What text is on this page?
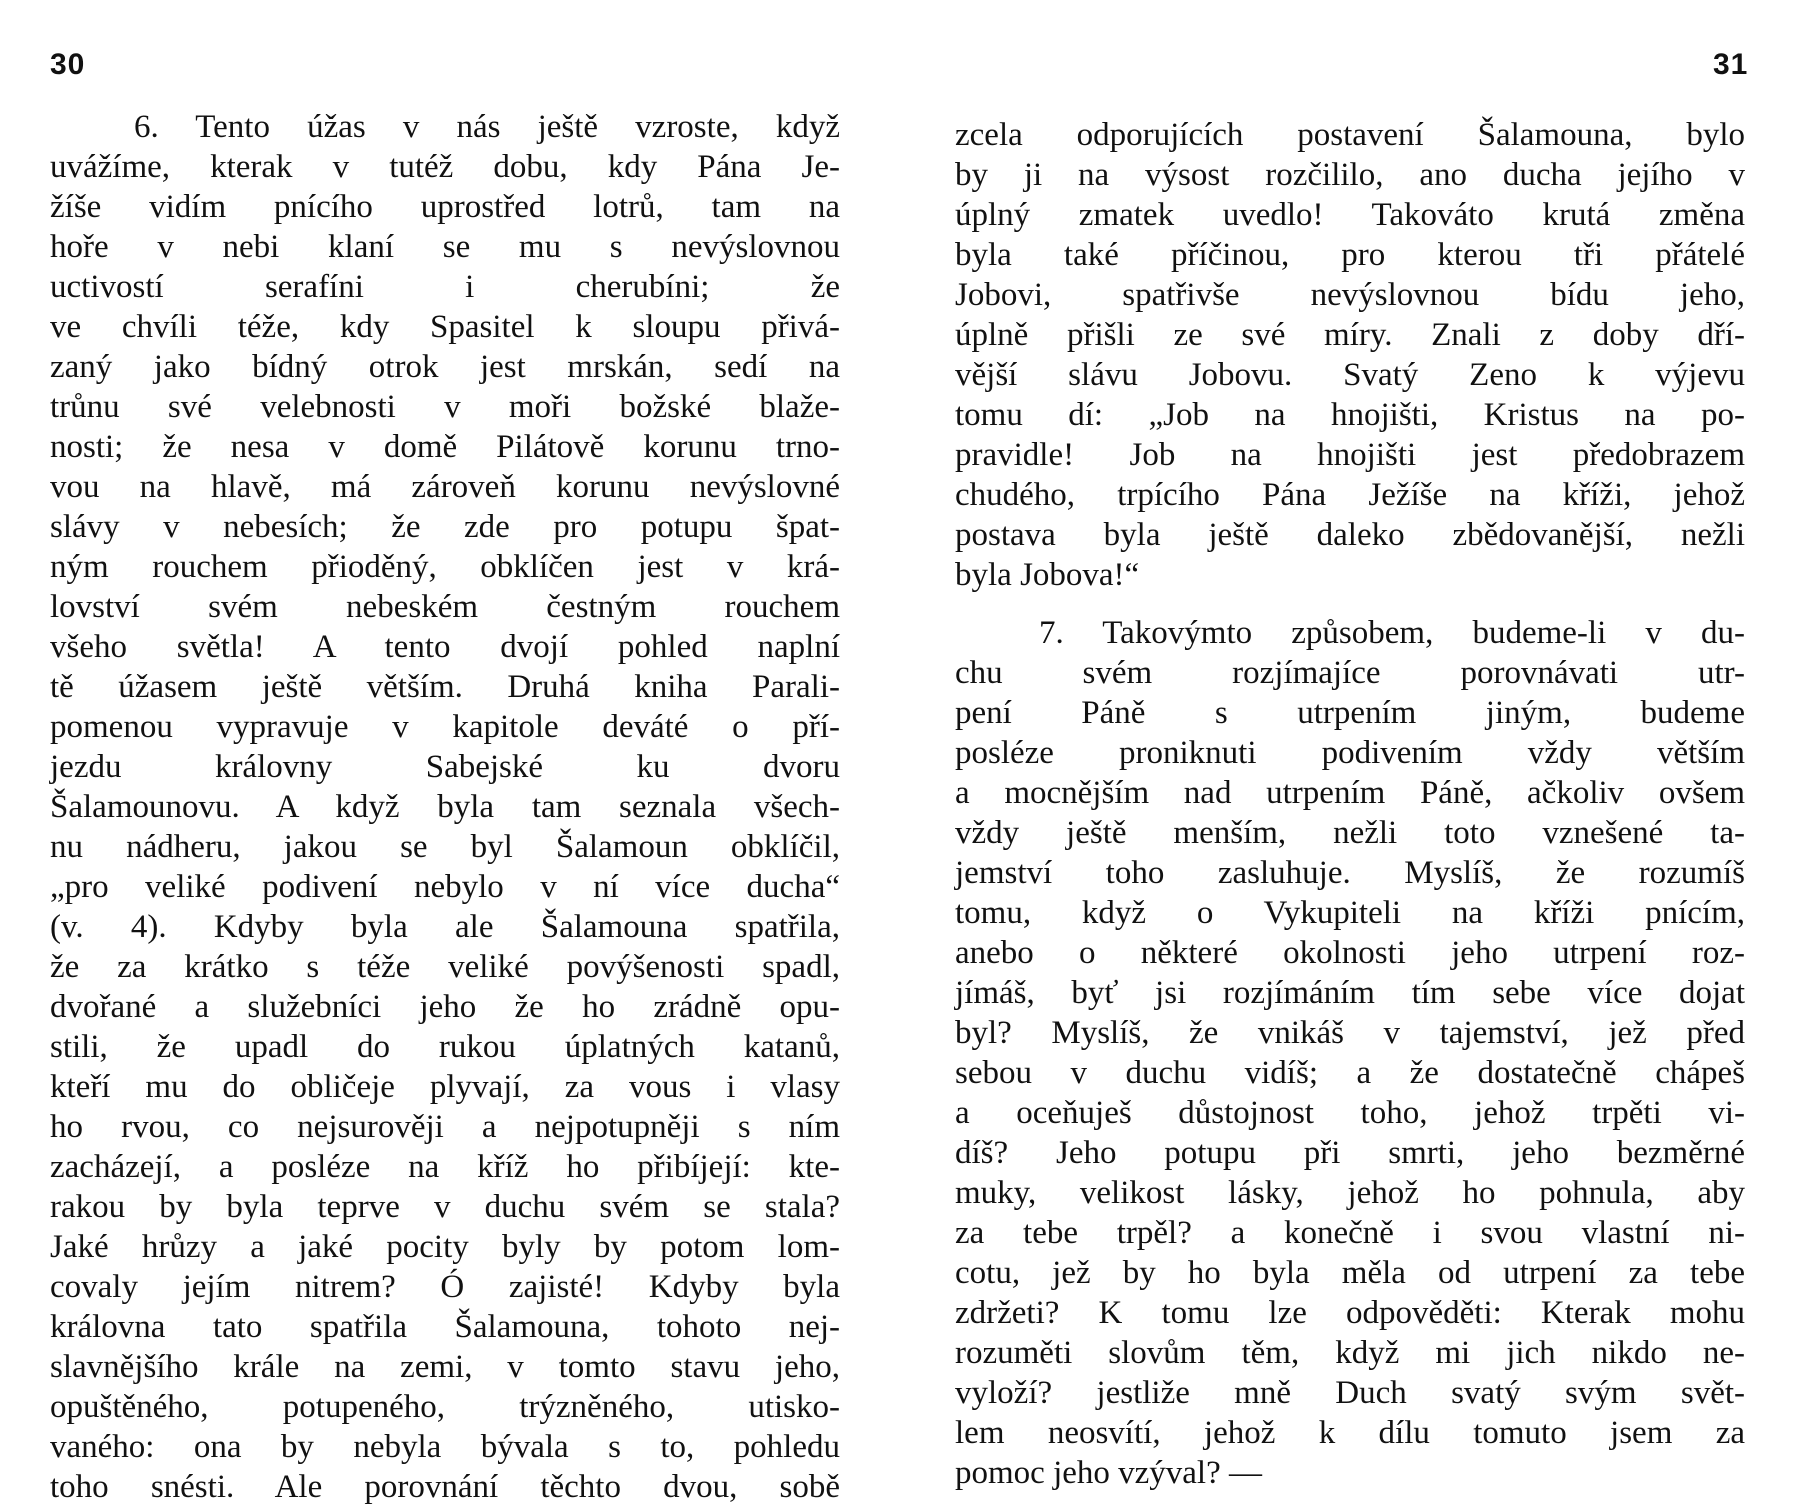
30
6. Tento úžas v nás ještě vzroste, když
uvážíme, kterak v tutéž dobu, kdy Pána Je-
žíše vidím pnícího uprostřed lotrů, tam na
hoře v nebi klaní se mu s nevýslovnou
uctivostí serafíni i cherubíni; že
ve chvíli téže, kdy Spasitel k sloupu přivá-
zaný jako bídný otrok jest mrskán, sedí na
trůnu své velebnosti v moři božské blaže-
nosti; že nesa v domě Pilátově korunu trno-
vou na hlavě, má zároveň korunu nevýslovné
slávy v nebesích; že zde pro potupu špat-
ným rouchem přioděný, obklíčen jest v krá-
lovství svém nebeském čestným rouchem
všeho světla! A tento dvojí pohled naplní
tě úžasem ještě větším. Druhá kniha Parali-
pomenou vypravuje v kapitole deváté o pří-
jezdu královny Sabejské ku dvoru
Šalamounovu. A když byla tam seznala všech-
nu nádheru, jakou se byl Šalamoun obklíčil,
„pro veliké podivení nebylo v ní více ducha“
(v. 4). Kdyby byla ale Šalamouna spatřila,
že za krátko s téže veliké povýšenosti spadl,
dvořané a služebníci jeho že ho zrádně opu-
stili, že upadl do rukou úplatných katanů,
kteří mu do obličeje plyvají, za vous i vlasy
ho rvou, co nejsurověji a nejpotupněji s ním
zacházejí, a posléze na kříž ho přibíjejí: kte-
rakou by byla teprve v duchu svém se stala?
Jaké hrůzy a jaké pocity byly by potom lom-
covaly jejím nitrem? Ó zajisté! Kdyby byla
královna tato spatřila Šalamouna, tohoto nej-
slavnějšího krále na zemi, v tomto stavu jeho,
opuštěného, potupeného, trýzněného, utisko-
vaného: ona by nebyla bývala s to, pohledu
toho snésti. Ale porovnání těchto dvou, sobě
31
zcela odporujících postavení Šalamouna, bylo
by ji na výsost rozčililo, ano ducha jejího v
úplný zmatek uvedlo! Takováto krutá změna
byla také příčinou, pro kterou tři přátelé
Jobovi, spatřivše nevýslovnou bídu jeho,
úplně přišli ze své míry. Znali z doby dří-
vější slávu Jobovu. Svatý Zeno k výjevu
tomu dí: „Job na hnojišti, Kristus na po-
pravidle! Job na hnojišti jest předobrazem
chudého, trpícího Pána Ježíše na kříži, jehož
postava byla ještě daleko zbědovanější, nežli
byla Jobova!“
7. Takovýmto způsobem, budeme-li v du-
chu svém rozjímajíce porovnávati utr-
pení Páně s utrpením jiným, budeme
posléze proniknuti podivením vždy větším
a mocnějším nad utrpením Páně, ačkoliv ovšem
vždy ještě menším, nežli toto vznešené ta-
jemství toho zasluhuje. Myslíš, že rozumíš
tomu, když o Vykupiteli na kříži pnícím,
anebo o některé okolnosti jeho utrpení roz-
jímáš, byť jsi rozjímáním tím sebe více dojat
byl? Myslíš, že vnikáš v tajemství, jež před
sebou v duchu vidíš; a že dostatečně chápeš
a oceňuješ důstojnost toho, jehož trpěti vi-
díš? Jeho potupu při smrti, jeho bezměrné
muky, velikost lásky, jehož ho pohnula, aby
za tebe trpěl? a konečně i svou vlastní ni-
cotu, jež by ho byla měla od utrpení za tebe
zdržeti? K tomu lze odpověděti: Kterak mohu
rozuměti slovům těm, když mi jich nikdo ne-
vyloží? jestliže mně Duch svatý svým svět-
lem neosvítí, jehož k dílu tomuto jsem za
pomoc jeho vzýval? —
